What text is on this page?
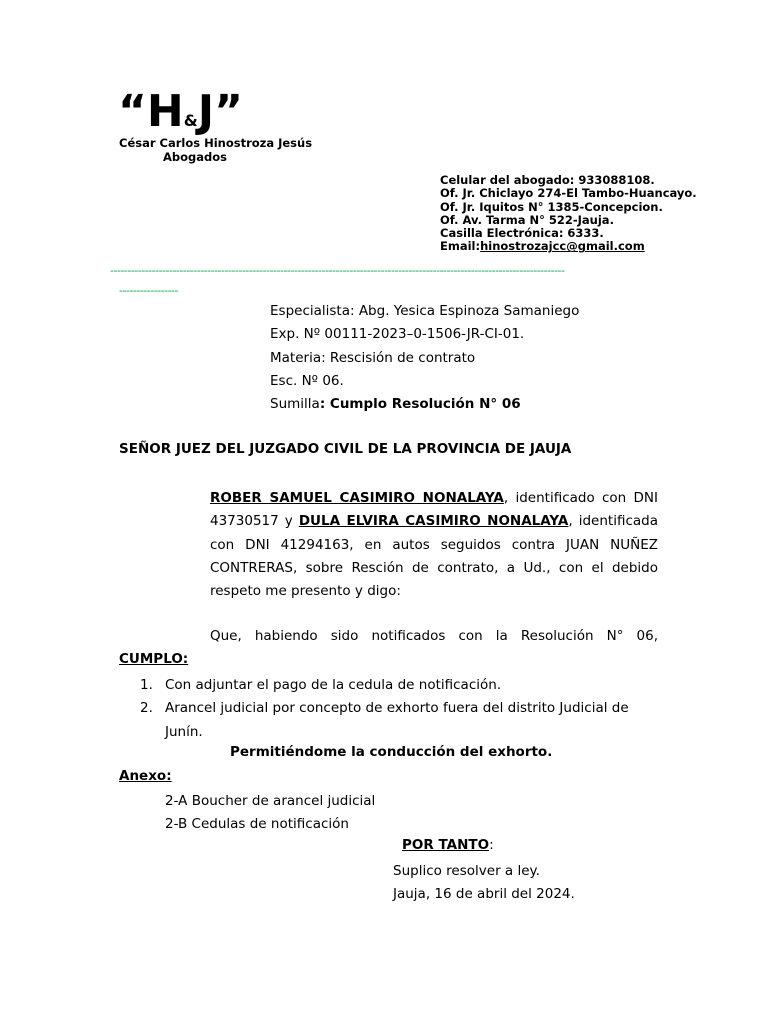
“H&J”
César Carlos Hinostroza Jesús
Abogados
Celular del abogado: 933088108.
Of. Jr. Chiclayo 274-El Tambo-Huancayo.
Of. Jr. Iquitos N° 1385-Concepcion.
Of. Av. Tarma N° 522-Jauja.
Casilla Electrónica: 6333.
Email:hinostrozajcc@gmail.com
-----------------------------------------------------------------------------------------------------------------------------------
-----------------
Especialista: Abg. Yesica Espinoza Samaniego
Exp. Nº 00111-2023–0-1506-JR-CI-01.
Materia: Rescisión de contrato
Esc. Nº 06.
Sumilla: Cumplo Resolución N° 06
SEÑOR JUEZ DEL JUZGADO CIVIL DE LA PROVINCIA DE JAUJA
ROBER SAMUEL CASIMIRO NONALAYA, identificado con DNI 43730517 y DULA ELVIRA CASIMIRO NONALAYA, identificada con DNI 41294163, en autos seguidos contra JUAN NUÑEZ CONTRERAS, sobre Resción de contrato, a Ud., con el debido respeto me presento y digo:
Que, habiendo sido notificados con la Resolución N° 06,
CUMPLO:
1. Con adjuntar el pago de la cedula de notificación.
2. Arancel judicial por concepto de exhorto fuera del distrito Judicial de Junín.
Permitiéndome la conducción del exhorto.
Anexo:
2-A Boucher de arancel judicial
2-B Cedulas de notificación
POR TANTO:
Suplico resolver a ley.
Jauja, 16 de abril del 2024.
